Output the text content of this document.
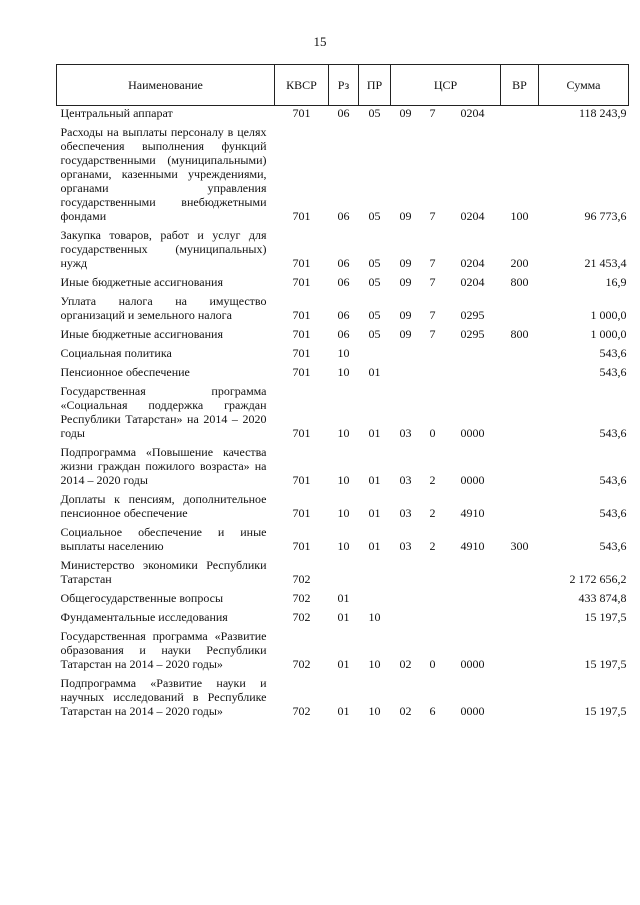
15
Наименование	КВСР	Рз	ПР	ЦСР			ВР	Сумма
Центральный аппарат	701	06	05	09	7	0204		118 243,9
Расходы на выплаты персоналу в целях обеспечения выполнения функций государственными (муниципальными) органами, казенными учреждениями, органами управления государственными внебюджетными фондами	701	06	05	09	7	0204	100	96 773,6
Закупка товаров, работ и услуг для государственных (муниципальных) нужд	701	06	05	09	7	0204	200	21 453,4
Иные бюджетные ассигнования	701	06	05	09	7	0204	800	16,9
Уплата налога на имущество организаций и земельного налога	701	06	05	09	7	0295		1 000,0
Иные бюджетные ассигнования	701	06	05	09	7	0295	800	1 000,0
Социальная политика	701	10						543,6
Пенсионное обеспечение	701	10	01					543,6
Государственная программа «Социальная поддержка граждан Республики Татарстан» на 2014 – 2020 годы	701	10	01	03	0	0000		543,6
Подпрограмма «Повышение качества жизни граждан пожилого возраста» на 2014 – 2020 годы	701	10	01	03	2	0000		543,6
Доплаты к пенсиям, дополнительное пенсионное обеспечение	701	10	01	03	2	4910		543,6
Социальное обеспечение и иные выплаты населению	701	10	01	03	2	4910	300	543,6
Министерство экономики Республики Татарстан	702							2 172 656,2
Общегосударственные вопросы	702	01						433 874,8
Фундаментальные исследования	702	01	10					15 197,5
Государственная программа «Развитие образования и науки Республики Татарстан на 2014 – 2020 годы»	702	01	10	02	0	0000		15 197,5
Подпрограмма «Развитие науки и научных исследований в Республике Татарстан на 2014 – 2020 годы»	702	01	10	02	6	0000		15 197,5
